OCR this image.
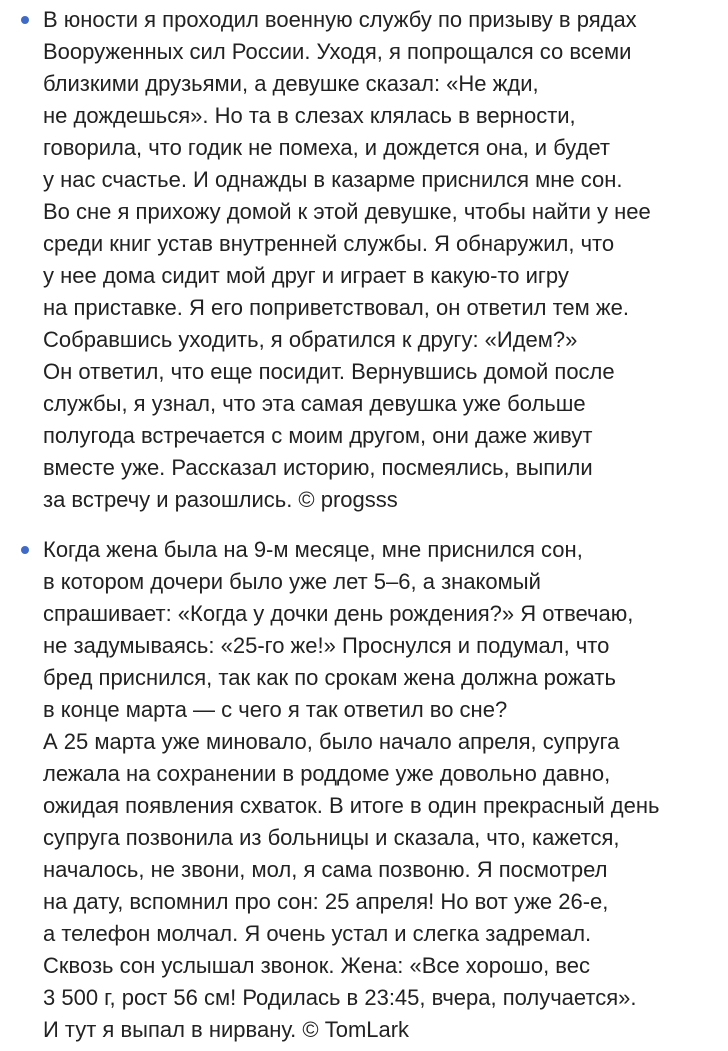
В юности я проходил военную службу по призыву в рядах
Вооруженных сил России. Уходя, я попрощался со всеми
близкими друзьями, а девушке сказал: «Не жди,
не дождешься». Но та в слезах клялась в верности,
говорила, что годик не помеха, и дождется она, и будет
у нас счастье. И однажды в казарме приснился мне сон.
Во сне я прихожу домой к этой девушке, чтобы найти у нее
среди книг устав внутренней службы. Я обнаружил, что
у нее дома сидит мой друг и играет в какую-то игру
на приставке. Я его поприветствовал, он ответил тем же.
Собравшись уходить, я обратился к другу: «Идем?»
Он ответил, что еще посидит. Вернувшись домой после
службы, я узнал, что эта самая девушка уже больше
полугода встречается с моим другом, они даже живут
вместе уже. Рассказал историю, посмеялись, выпили
за встречу и разошлись. © progsss
Когда жена была на 9-м месяце, мне приснился сон,
в котором дочери было уже лет 5–6, а знакомый
спрашивает: «Когда у дочки день рождения?» Я отвечаю,
не задумываясь: «25-го же!» Проснулся и подумал, что
бред приснился, так как по срокам жена должна рожать
в конце марта — с чего я так ответил во сне?
А 25 марта уже миновало, было начало апреля, супруга
лежала на сохранении в роддоме уже довольно давно,
ожидая появления схваток. В итоге в один прекрасный день
супруга позвонила из больницы и сказала, что, кажется,
началось, не звони, мол, я сама позвоню. Я посмотрел
на дату, вспомнил про сон: 25 апреля! Но вот уже 26-е,
а телефон молчал. Я очень устал и слегка задремал.
Сквозь сон услышал звонок. Жена: «Все хорошо, вес
3 500 г, рост 56 см! Родилась в 23:45, вчера, получается».
И тут я выпал в нирвану. © TomLark
